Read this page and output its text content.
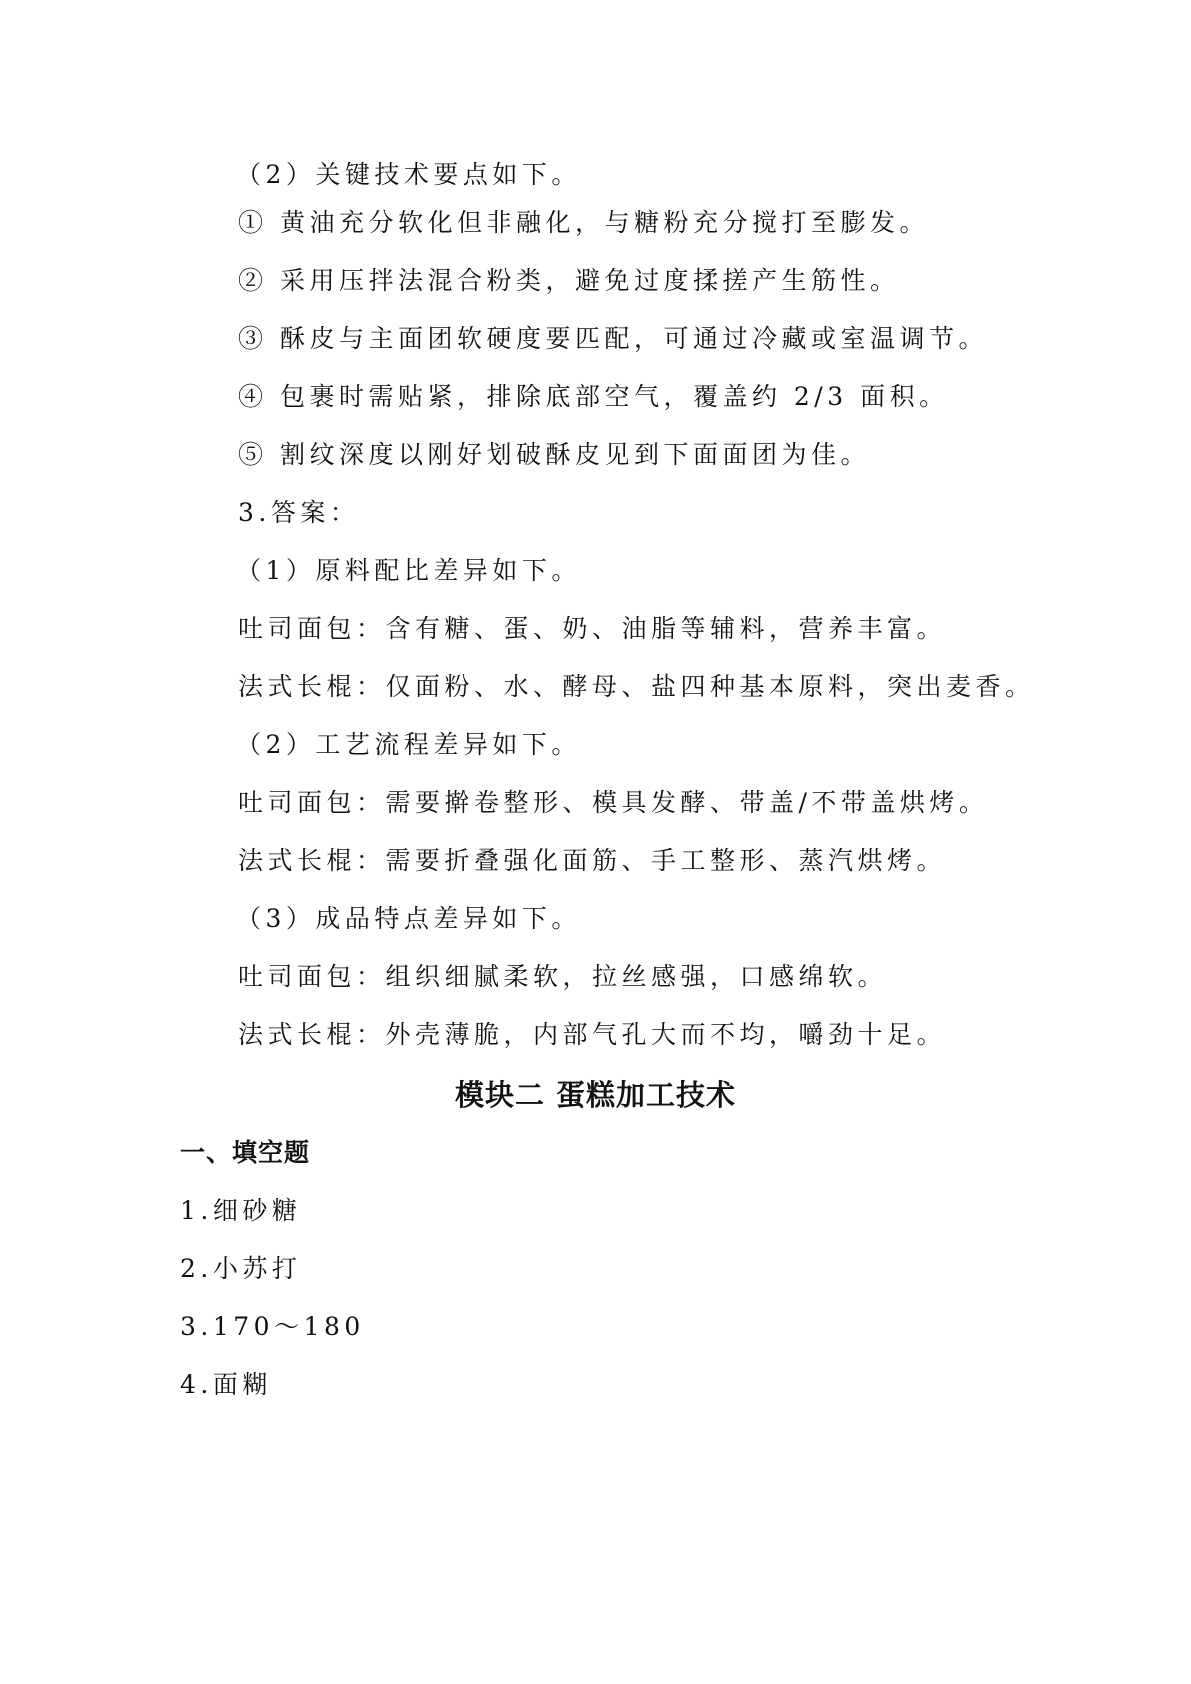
（2）关键技术要点如下。
① 黄油充分软化但非融化，与糖粉充分搅打至膨发。
② 采用压拌法混合粉类，避免过度揉搓产生筋性。
③ 酥皮与主面团软硬度要匹配，可通过冷藏或室温调节。
④ 包裹时需贴紧，排除底部空气，覆盖约 2/3 面积。
⑤ 割纹深度以刚好划破酥皮见到下面面团为佳。
3.答案：
（1）原料配比差异如下。
吐司面包：含有糖、蛋、奶、油脂等辅料，营养丰富。
法式长棍：仅面粉、水、酵母、盐四种基本原料，突出麦香。
（2）工艺流程差异如下。
吐司面包：需要擀卷整形、模具发酵、带盖/不带盖烘烤。
法式长棍：需要折叠强化面筋、手工整形、蒸汽烘烤。
（3）成品特点差异如下。
吐司面包：组织细腻柔软，拉丝感强，口感绵软。
法式长棍：外壳薄脆，内部气孔大而不均，嚼劲十足。
模块二 蛋糕加工技术
一、填空题
1.细砂糖
2.小苏打
3.170～180
4.面糊
